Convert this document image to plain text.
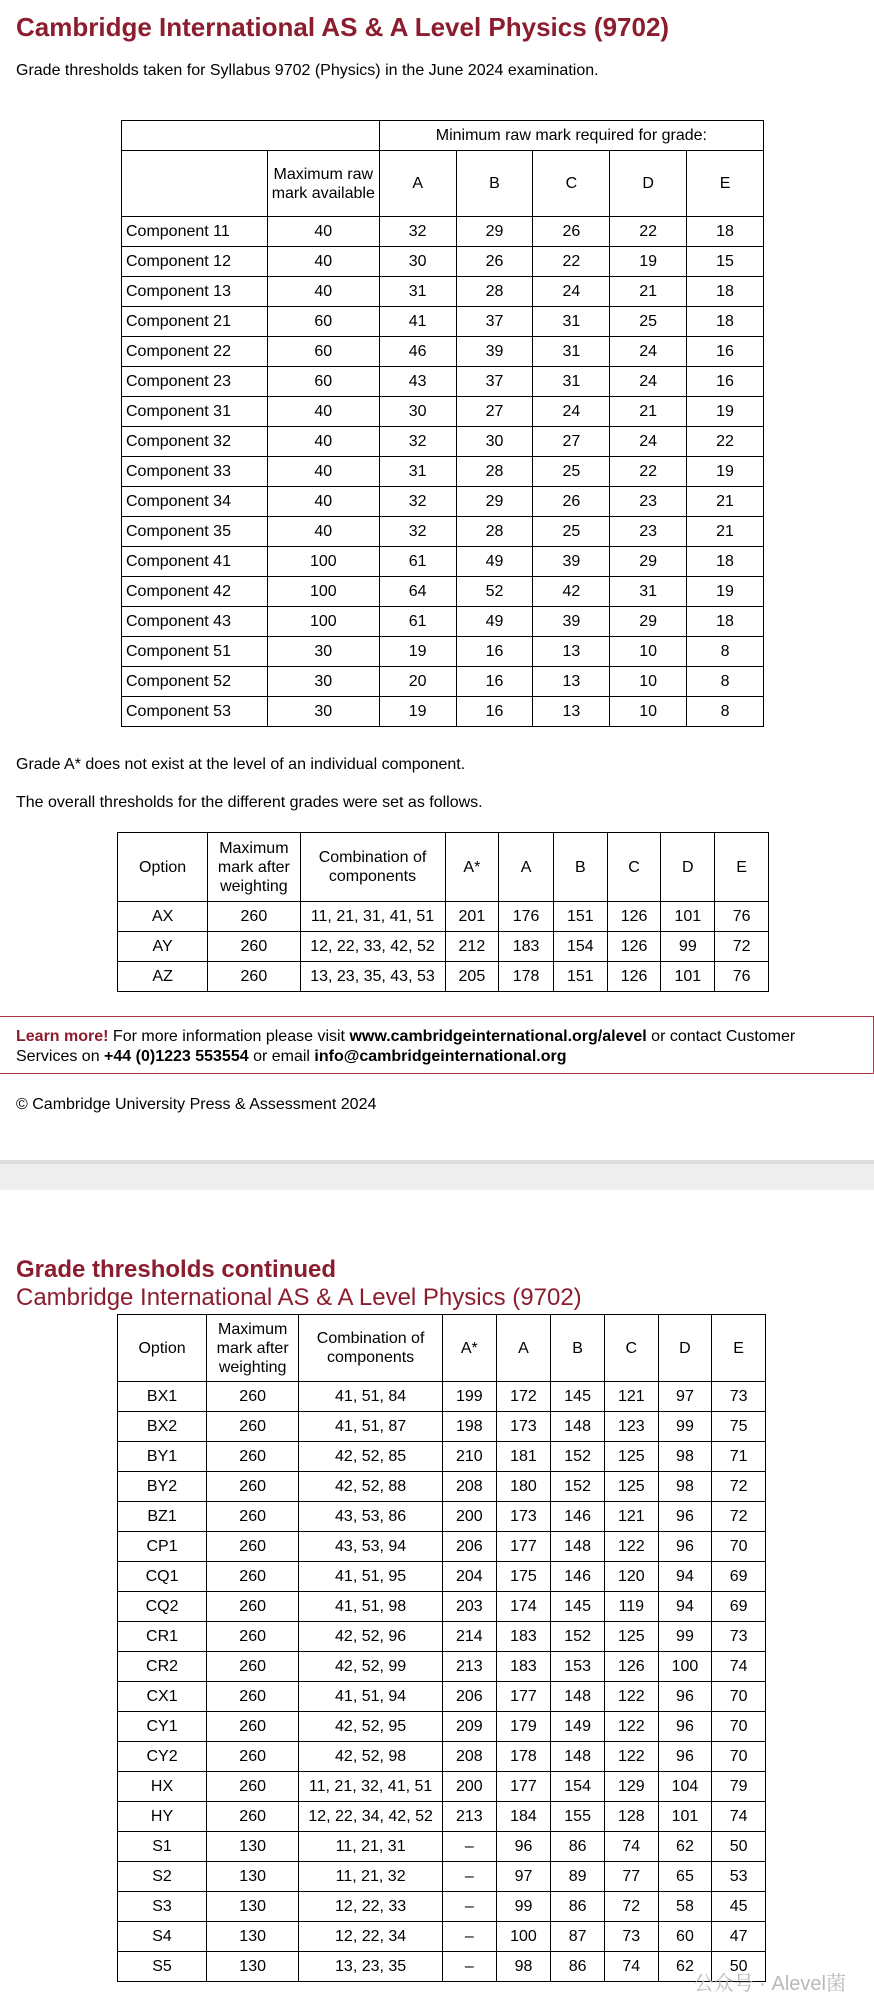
Cambridge International AS & A Level Physics (9702)
Grade thresholds taken for Syllabus 9702 (Physics) in the June 2024 examination.
		Minimum raw mark required for grade:				
	Maximum raw mark available	A	B	C	D	E
Component 11	40	32	29	26	22	18
Component 12	40	30	26	22	19	15
Component 13	40	31	28	24	21	18
Component 21	60	41	37	31	25	18
Component 22	60	46	39	31	24	16
Component 23	60	43	37	31	24	16
Component 31	40	30	27	24	21	19
Component 32	40	32	30	27	24	22
Component 33	40	31	28	25	22	19
Component 34	40	32	29	26	23	21
Component 35	40	32	28	25	23	21
Component 41	100	61	49	39	29	18
Component 42	100	64	52	42	31	19
Component 43	100	61	49	39	29	18
Component 51	30	19	16	13	10	8
Component 52	30	20	16	13	10	8
Component 53	30	19	16	13	10	8
Grade A* does not exist at the level of an individual component.
The overall thresholds for the different grades were set as follows.
Option	Maximum mark after weighting	Combination of components	A*	A	B	C	D	E
AX	260	11, 21, 31, 41, 51	201	176	151	126	101	76
AY	260	12, 22, 33, 42, 52	212	183	154	126	99	72
AZ	260	13, 23, 35, 43, 53	205	178	151	126	101	76
Learn more! For more information please visit www.cambridgeinternational.org/alevel or contact Customer Services on +44 (0)1223 553554 or email info@cambridgeinternational.org
© Cambridge University Press & Assessment 2024
Grade thresholds continued
Cambridge International AS & A Level Physics (9702)
Option	Maximum mark after weighting	Combination of components	A*	A	B	C	D	E
BX1	260	41, 51, 84	199	172	145	121	97	73
BX2	260	41, 51, 87	198	173	148	123	99	75
BY1	260	42, 52, 85	210	181	152	125	98	71
BY2	260	42, 52, 88	208	180	152	125	98	72
BZ1	260	43, 53, 86	200	173	146	121	96	72
CP1	260	43, 53, 94	206	177	148	122	96	70
CQ1	260	41, 51, 95	204	175	146	120	94	69
CQ2	260	41, 51, 98	203	174	145	119	94	69
CR1	260	42, 52, 96	214	183	152	125	99	73
CR2	260	42, 52, 99	213	183	153	126	100	74
CX1	260	41, 51, 94	206	177	148	122	96	70
CY1	260	42, 52, 95	209	179	149	122	96	70
CY2	260	42, 52, 98	208	178	148	122	96	70
HX	260	11, 21, 32, 41, 51	200	177	154	129	104	79
HY	260	12, 22, 34, 42, 52	213	184	155	128	101	74
S1	130	11, 21, 31	–	96	86	74	62	50
S2	130	11, 21, 32	–	97	89	77	65	53
S3	130	12, 22, 33	–	99	86	72	58	45
S4	130	12, 22, 34	–	100	87	73	60	47
S5	130	13, 23, 35	–	98	86	74	62	50
公众号 · Alevel菌
